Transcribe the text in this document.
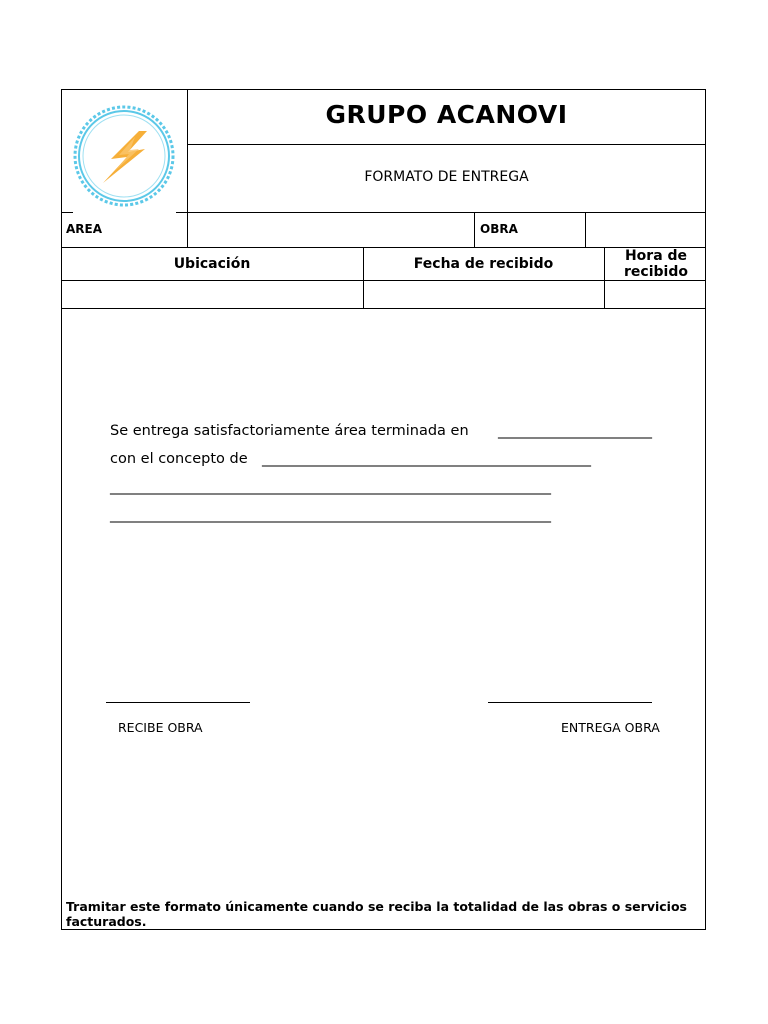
GRUPO ACANOVI
FORMATO DE ENTREGA
AREA	OBRA
Ubicación	Fecha de recibido	Hora de recibido
Se entrega satisfactoriamente área terminada en ______________________
con el concepto de _______________________________________________
_______________________________________________________________
_______________________________________________________________
RECIBE OBRA	ENTREGA OBRA
Tramitar este formato únicamente cuando se reciba la totalidad de las obras o servicios facturados.
